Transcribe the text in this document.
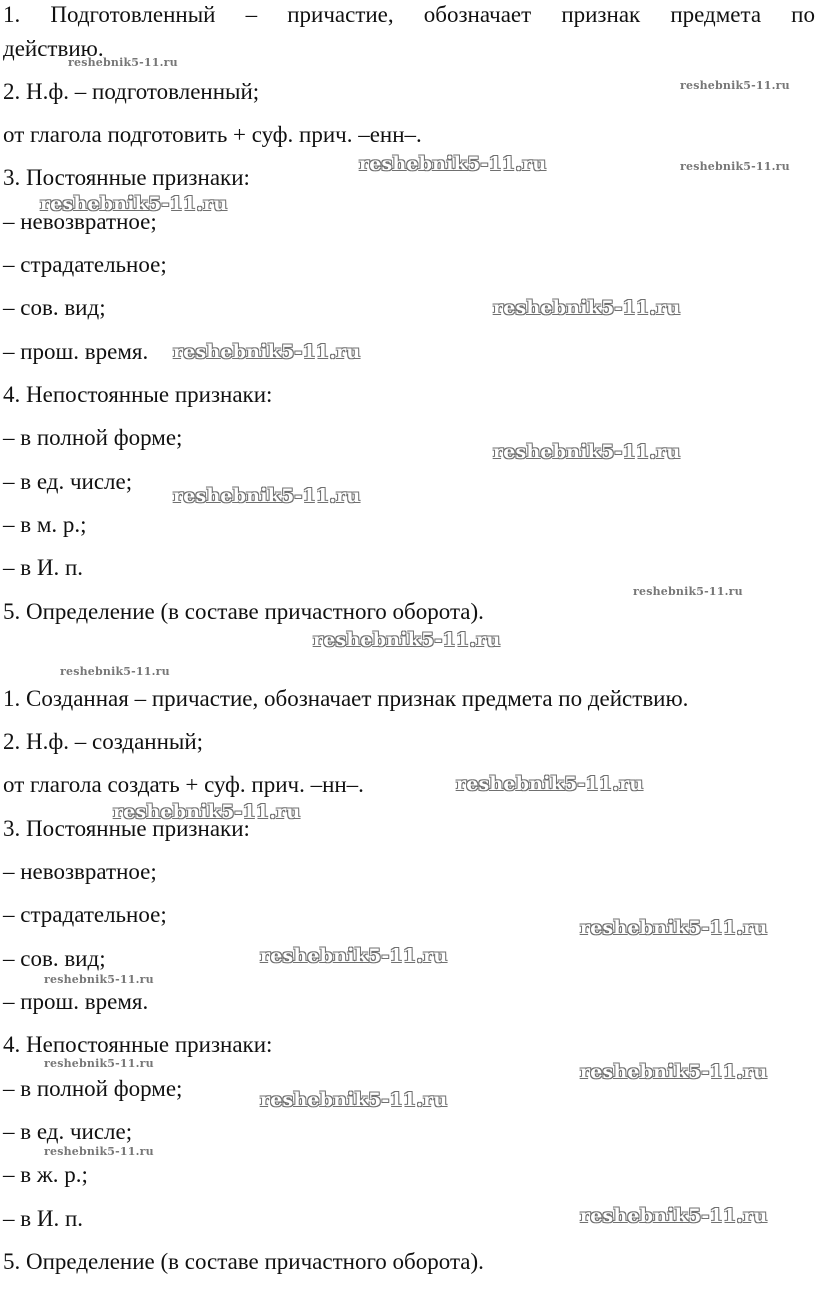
1. Подготовленный – причастие, обозначает признак предмета по
действию.
2. Н.ф. – подготовленный;
от глагола подготовить + суф. прич. –енн–.
3. Постоянные признаки:
– невозвратное;
– страдательное;
– сов. вид;
– прош. время.
4. Непостоянные признаки:
– в полной форме;
– в ед. числе;
– в м. р.;
– в И. п.
5. Определение (в составе причастного оборота).
1. Созданная – причастие, обозначает признак предмета по действию.
2. Н.ф. – созданный;
от глагола создать + суф. прич. –нн–.
3. Постоянные признаки:
– невозвратное;
– страдательное;
– сов. вид;
– прош. время.
4. Непостоянные признаки:
– в полной форме;
– в ед. числе;
– в ж. р.;
– в И. п.
5. Определение (в составе причастного оборота).
reshebnik5-11.ru
reshebnik5-11.ru
reshebnik5-11.ru	reshebnik5-11.ru
reshebnik5-11.ru
reshebnik5-11.ru
reshebnik5-11.ru
reshebnik5-11.ru
reshebnik5-11.ru
reshebnik5-11.ru
reshebnik5-11.ru
reshebnik5-11.ru
reshebnik5-11.ru
reshebnik5-11.ru
reshebnik5-11.ru
reshebnik5-11.ru
reshebnik5-11.ru
reshebnik5-11.ru	reshebnik5-11.ru
reshebnik5-11.ru
reshebnik5-11.ru
reshebnik5-11.ru
